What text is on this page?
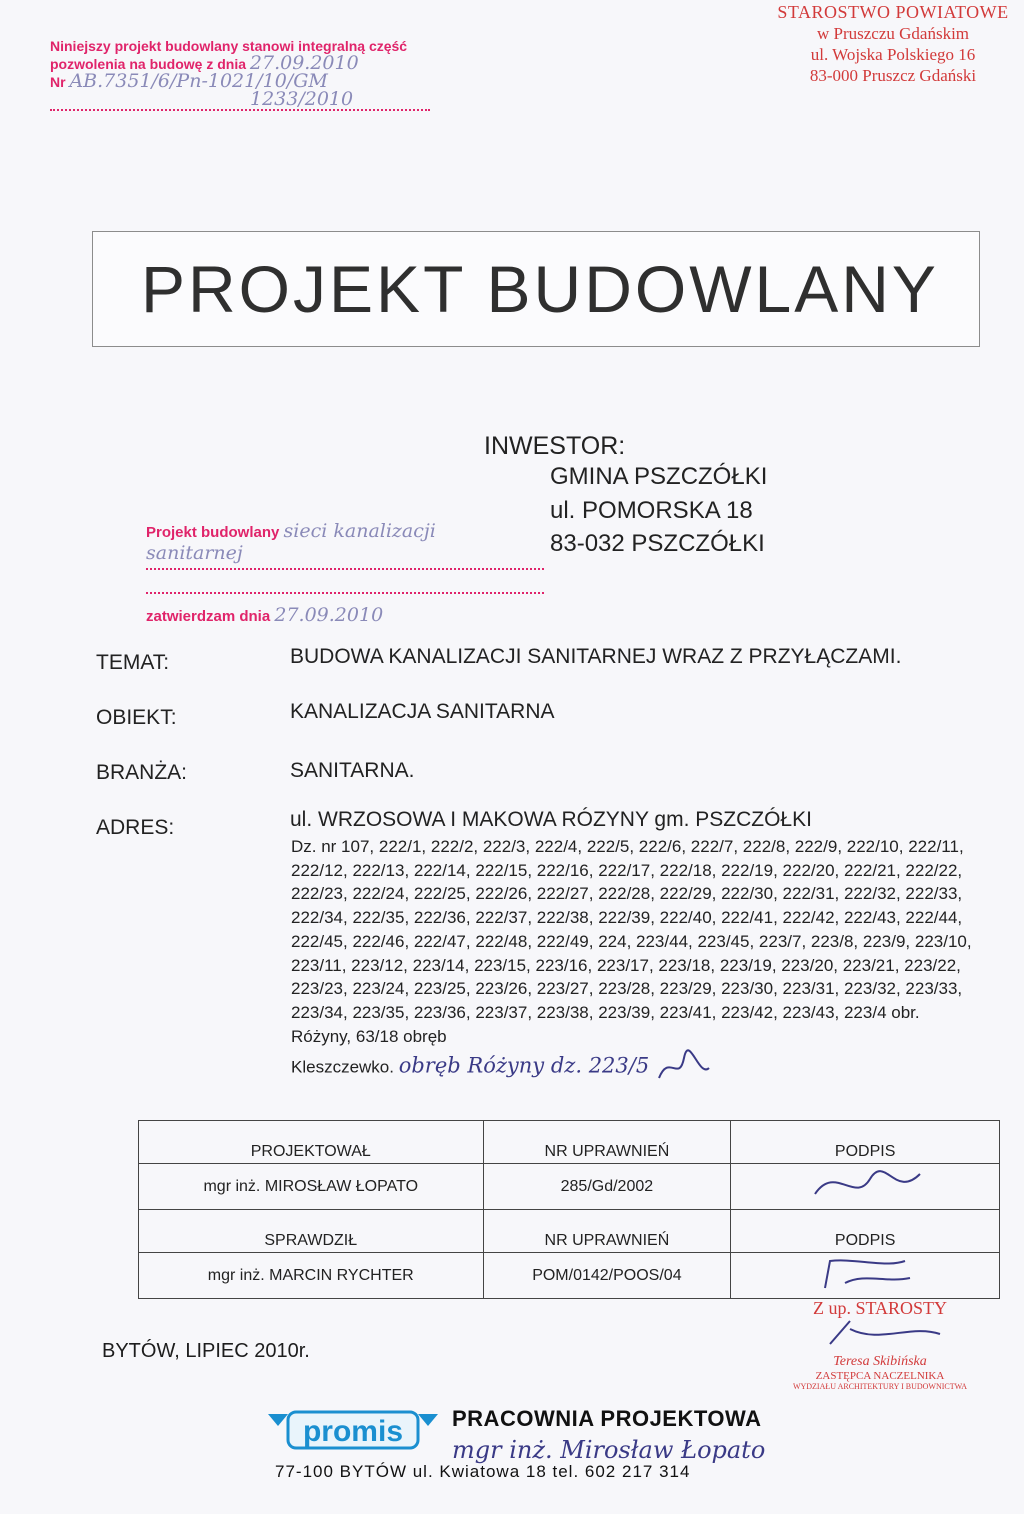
STAROSTWO POWIATOWE
w Pruszczu Gdańskim
ul. Wojska Polskiego 16
83-000 Pruszcz Gdański
Niniejszy projekt budowlany stanowi integralną część
pozwolenia na budowę z dnia 27.09.2010
Nr AB.7351/6/Pn-1021/10/GM
1233/2010
PROJEKT BUDOWLANY
INWESTOR:
GMINA PSZCZÓŁKI
ul. POMORSKA 18
83-032 PSZCZÓŁKI
Projekt budowlany sieci kanalizacji
sanitarnej
zatwierdzam dnia 27.09.2010
TEMAT:	BUDOWA KANALIZACJI SANITARNEJ WRAZ Z PRZYŁĄCZAMI.
OBIEKT:	KANALIZACJA SANITARNA
BRANŻA:	SANITARNA.
ADRES:	ul. WRZOSOWA I MAKOWA RÓZYNY gm. PSZCZÓŁKI
Dz. nr 107, 222/1, 222/2, 222/3, 222/4, 222/5, 222/6, 222/7, 222/8, 222/9, 222/10, 222/11, 222/12, 222/13, 222/14, 222/15, 222/16, 222/17, 222/18, 222/19, 222/20, 222/21, 222/22, 222/23, 222/24, 222/25, 222/26, 222/27, 222/28, 222/29, 222/30, 222/31, 222/32, 222/33, 222/34, 222/35, 222/36, 222/37, 222/38, 222/39, 222/40, 222/41, 222/42, 222/43, 222/44, 222/45, 222/46, 222/47, 222/48, 222/49, 224, 223/44, 223/45, 223/7, 223/8, 223/9, 223/10, 223/11, 223/12, 223/14, 223/15, 223/16, 223/17, 223/18, 223/19, 223/20, 223/21, 223/22, 223/23, 223/24, 223/25, 223/26, 223/27, 223/28, 223/29, 223/30, 223/31, 223/32, 223/33, 223/34, 223/35, 223/36, 223/37, 223/38, 223/39, 223/41, 223/42, 223/43, 223/4 obr. Różyny, 63/18 obręb
Kleszczewko. obręb Różyny dz. 223/5
PROJEKTOWAŁ	NR UPRAWNIEŃ	PODPIS
mgr inż. MIROSŁAW ŁOPATO	285/Gd/2002	
SPRAWDZIŁ	NR UPRAWNIEŃ	PODPIS
mgr inż. MARCIN RYCHTER	POM/0142/POOS/04	
BYTÓW, LIPIEC 2010r.
Z up. STAROSTY
Teresa Skibińska
ZASTĘPCA NACZELNIKA
WYDZIAŁU ARCHITEKTURY I BUDOWNICTWA
promis PRACOWNIA PROJEKTOWA
mgr inż. Mirosław Łopato
77-100 BYTÓW ul. Kwiatowa 18 tel. 602 217 314
